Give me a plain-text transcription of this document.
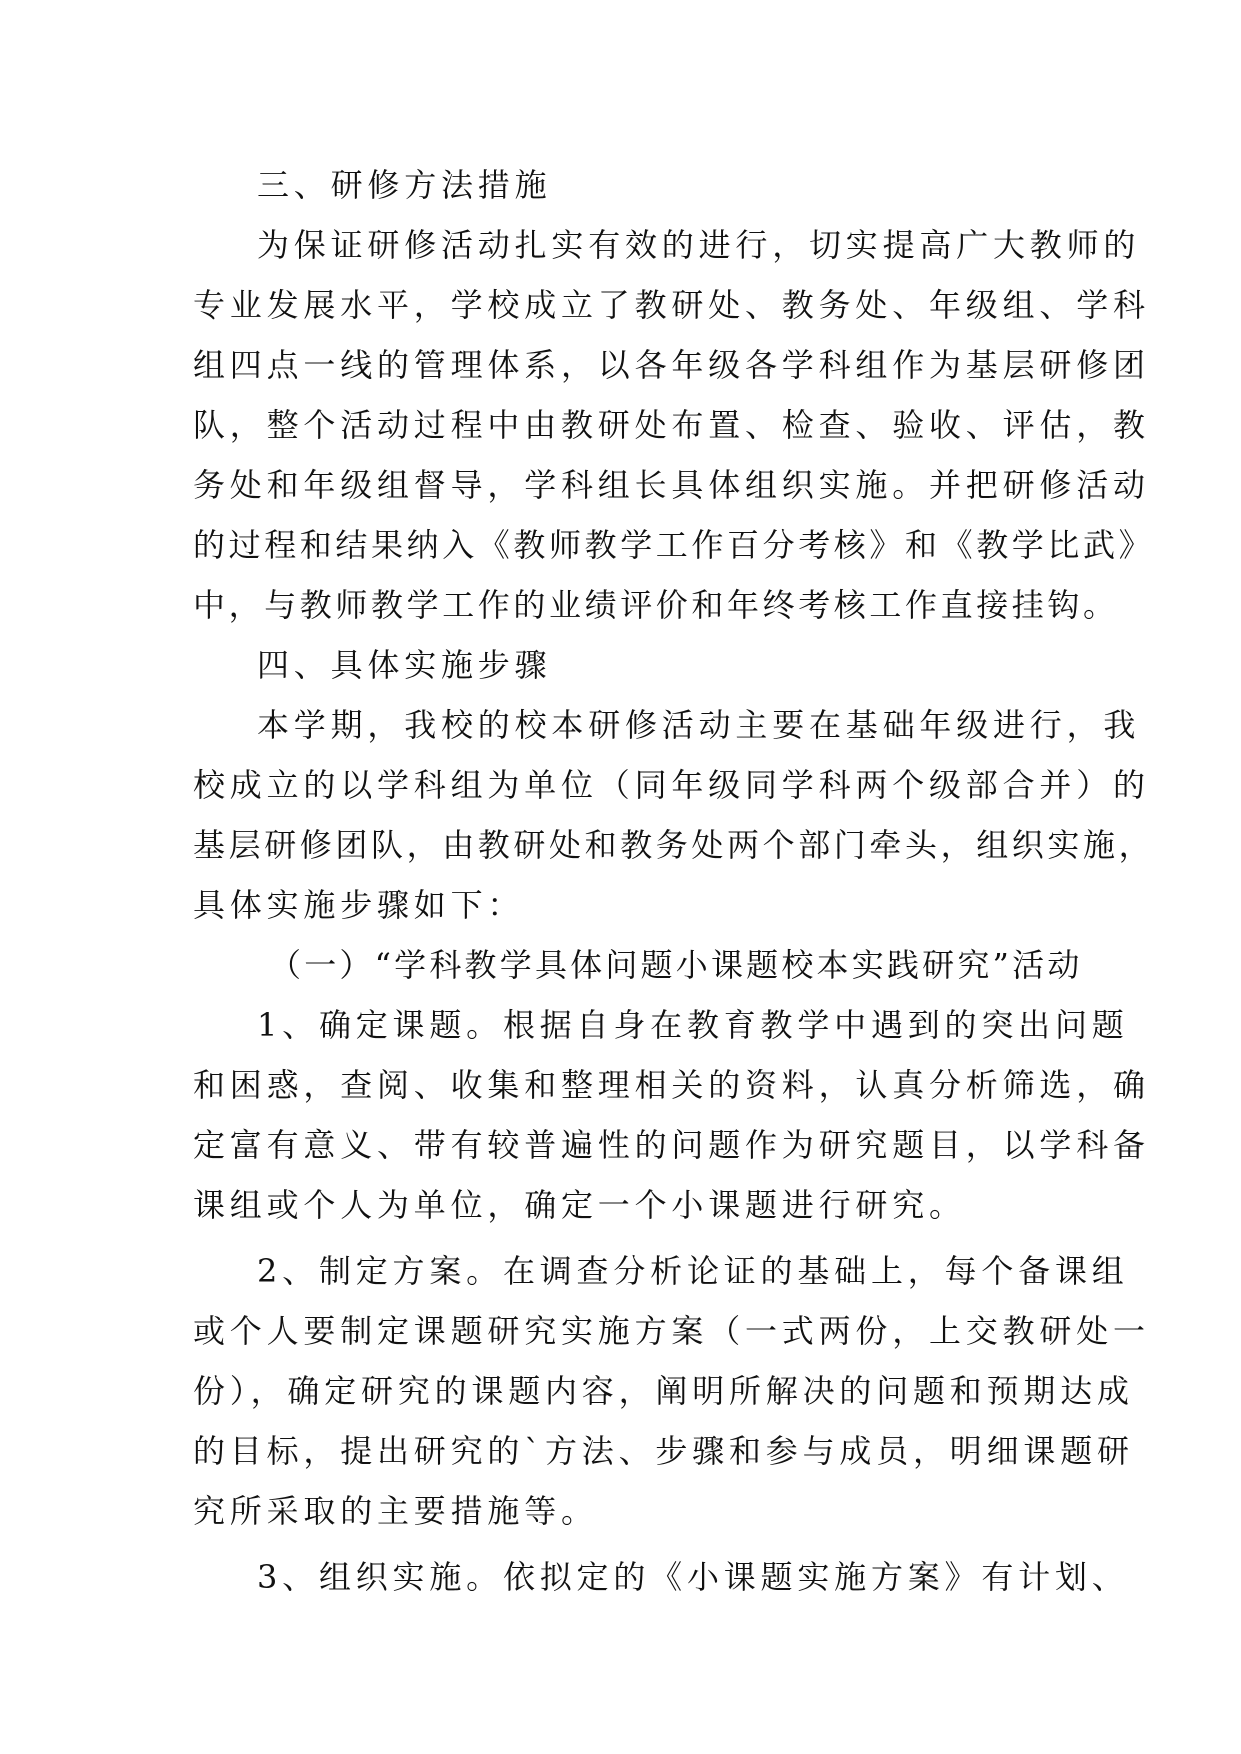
三、研修方法措施
为保证研修活动扎实有效的进行，切实提高广大教师的
专业发展水平，学校成立了教研处、教务处、年级组、学科
组四点一线的管理体系，以各年级各学科组作为基层研修团
队，整个活动过程中由教研处布置、检查、验收、评估，教
务处和年级组督导，学科组长具体组织实施。并把研修活动
的过程和结果纳入《教师教学工作百分考核》和《教学比武》
中，与教师教学工作的业绩评价和年终考核工作直接挂钩。
四、具体实施步骤
本学期，我校的校本研修活动主要在基础年级进行，我
校成立的以学科组为单位（同年级同学科两个级部合并）的
基层研修团队，由教研处和教务处两个部门牵头，组织实施，
具体实施步骤如下：
（一）“学科教学具体问题小课题校本实践研究”活动
1、确定课题。根据自身在教育教学中遇到的突出问题
和困惑，查阅、收集和整理相关的资料，认真分析筛选，确
定富有意义、带有较普遍性的问题作为研究题目，以学科备
课组或个人为单位，确定一个小课题进行研究。
2、制定方案。在调查分析论证的基础上，每个备课组
或个人要制定课题研究实施方案（一式两份，上交教研处一
份），确定研究的课题内容，阐明所解决的问题和预期达成
的目标，提出研究的`方法、步骤和参与成员，明细课题研
究所采取的主要措施等。
3、组织实施。依拟定的《小课题实施方案》有计划、
